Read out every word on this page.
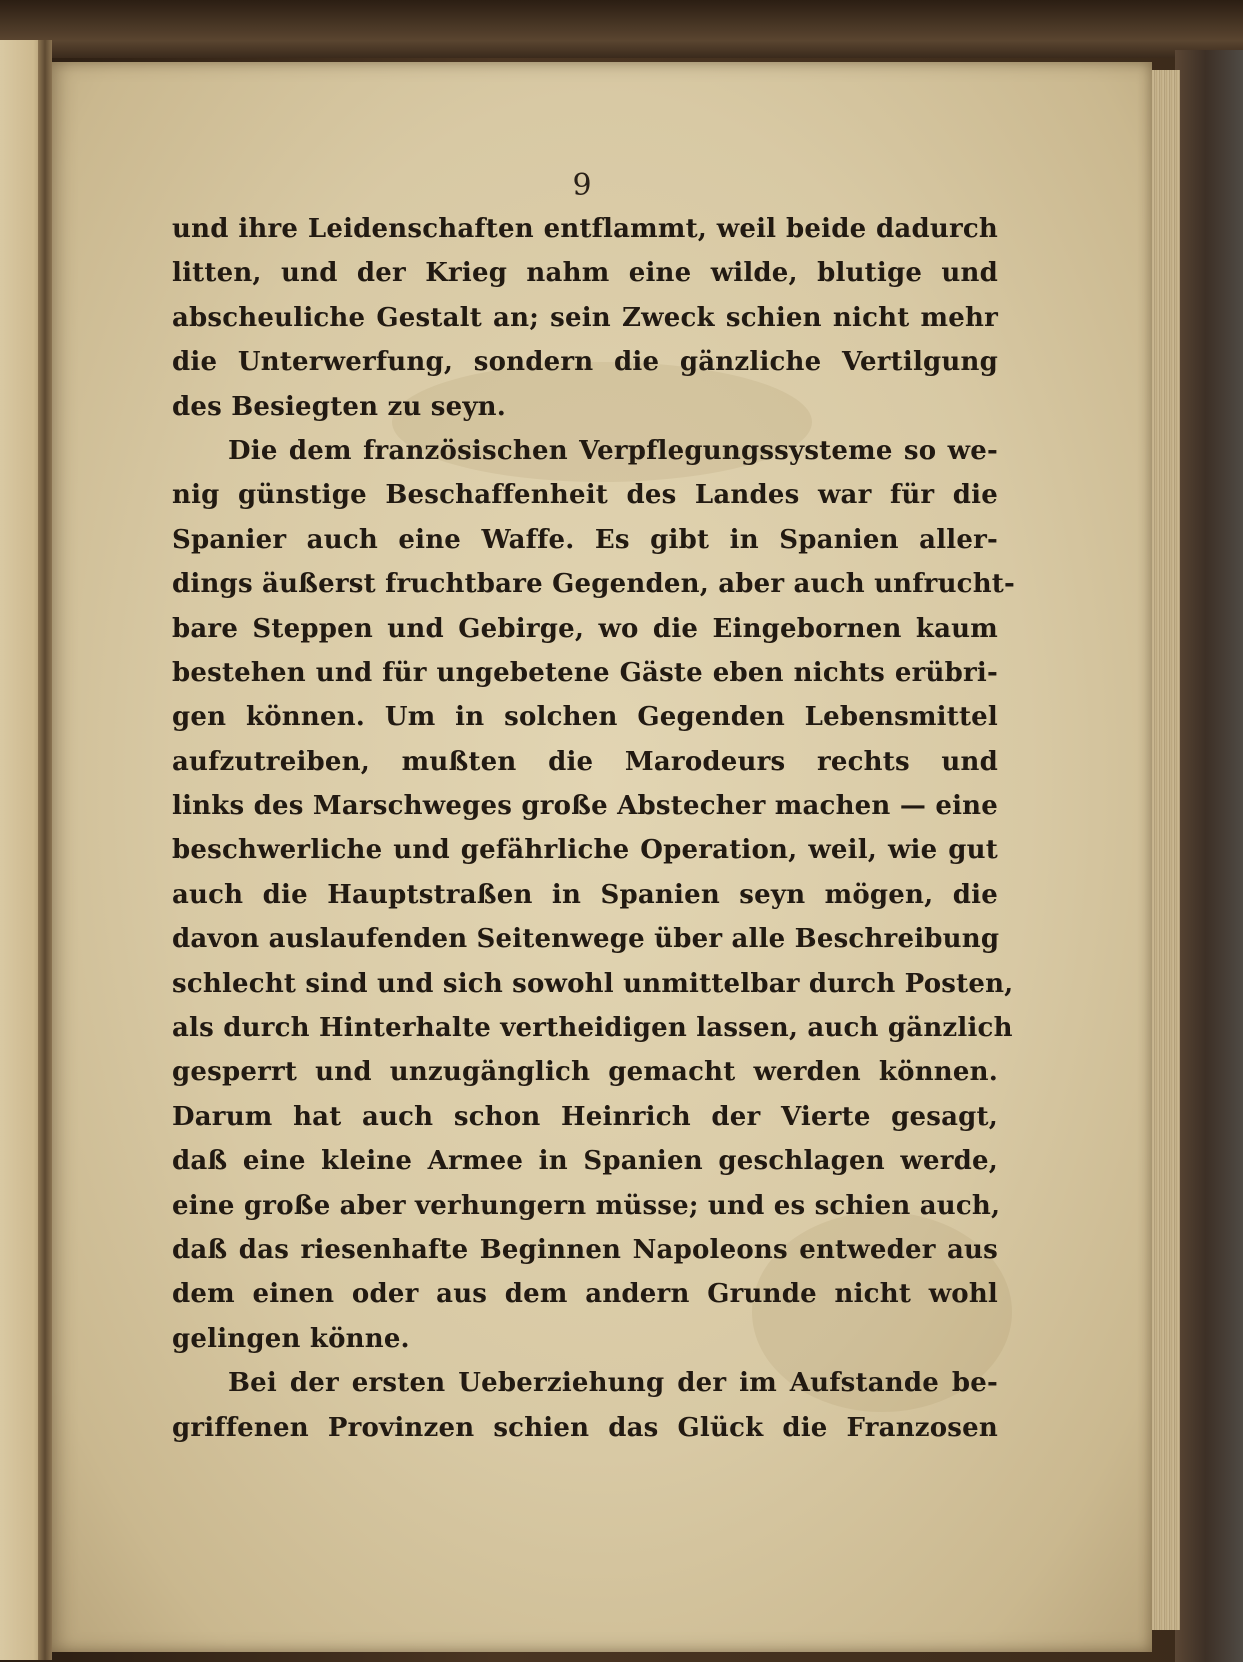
9
und ihre Leidenschaften entflammt, weil beide dadurch
litten, und der Krieg nahm eine wilde, blutige und
abscheuliche Gestalt an; sein Zweck schien nicht mehr
die Unterwerfung, sondern die gänzliche Vertilgung
des Besiegten zu seyn.
Die dem französischen Verpflegungssysteme so we-
nig günstige Beschaffenheit des Landes war für die
Spanier auch eine Waffe. Es gibt in Spanien aller-
dings äußerst fruchtbare Gegenden, aber auch unfrucht-
bare Steppen und Gebirge, wo die Eingebornen kaum
bestehen und für ungebetene Gäste eben nichts erübri-
gen können. Um in solchen Gegenden Lebensmittel
aufzutreiben, mußten die Marodeurs rechts und
links des Marschweges große Abstecher machen — eine
beschwerliche und gefährliche Operation, weil, wie gut
auch die Hauptstraßen in Spanien seyn mögen, die
davon auslaufenden Seitenwege über alle Beschreibung
schlecht sind und sich sowohl unmittelbar durch Posten,
als durch Hinterhalte vertheidigen lassen, auch gänzlich
gesperrt und unzugänglich gemacht werden können.
Darum hat auch schon Heinrich der Vierte gesagt,
daß eine kleine Armee in Spanien geschlagen werde,
eine große aber verhungern müsse; und es schien auch,
daß das riesenhafte Beginnen Napoleons entweder aus
dem einen oder aus dem andern Grunde nicht wohl
gelingen könne.
Bei der ersten Ueberziehung der im Aufstande be-
griffenen Provinzen schien das Glück die Franzosen
